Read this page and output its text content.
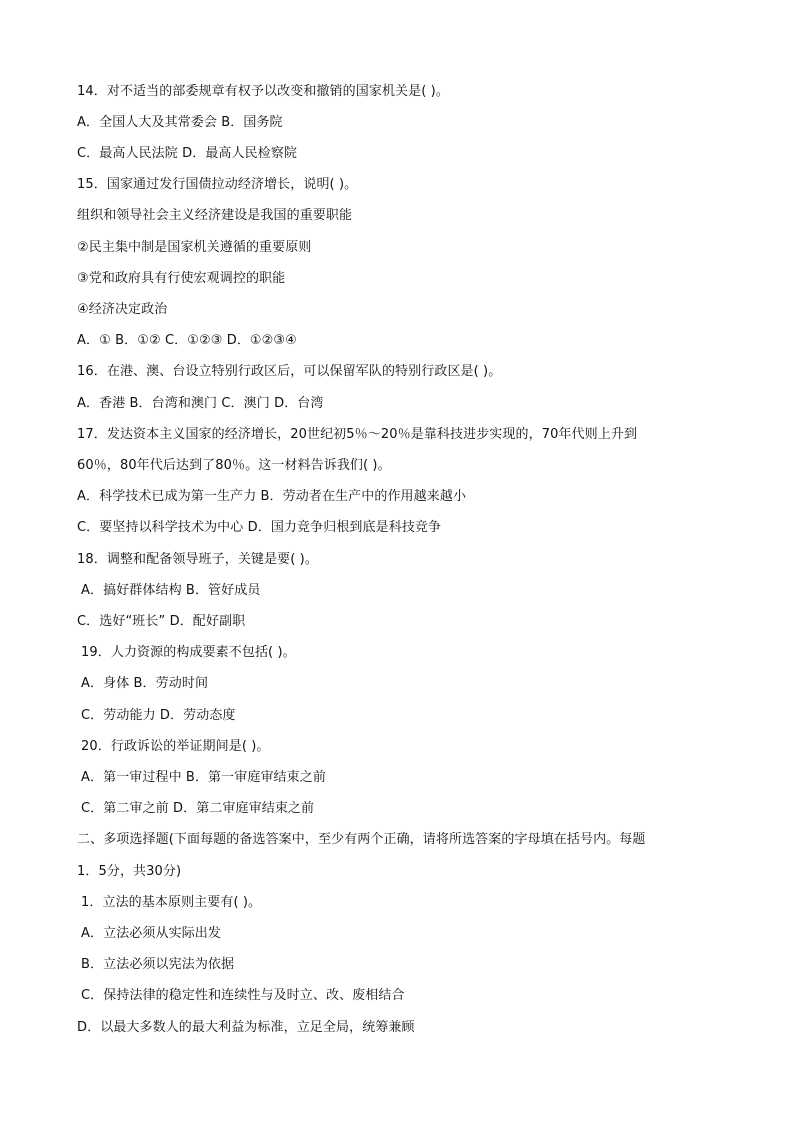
14．对不适当的部委规章有权予以改变和撤销的国家机关是( )。
A．全国人大及其常委会 B．国务院
C．最高人民法院 D．最高人民检察院
15．国家通过发行国债拉动经济增长，说明( )。
组织和领导社会主义经济建设是我国的重要职能
②民主集中制是国家机关遵循的重要原则
③党和政府具有行使宏观调控的职能
④经济决定政治
A．① B．①② C．①②③ D．①②③④
16．在港、澳、台设立特别行政区后，可以保留军队的特别行政区是( )。
A．香港 B．台湾和澳门 C．澳门 D．台湾
17．发达资本主义国家的经济增长，20世纪初5％～20％是靠科技进步实现的，70年代则上升到
60％，80年代后达到了80％。这一材料告诉我们( )。
A．科学技术已成为第一生产力 B．劳动者在生产中的作用越来越小
C．要坚持以科学技术为中心 D．国力竞争归根到底是科技竞争
18．调整和配备领导班子，关键是要( )。
A．搞好群体结构 B．管好成员
C．选好“班长” D．配好副职
19．人力资源的构成要素不包括( )。
A．身体 B．劳动时间
C．劳动能力 D．劳动态度
20．行政诉讼的举证期间是( )。
A．第一审过程中 B．第一审庭审结束之前
C．第二审之前 D．第二审庭审结束之前
二、多项选择题(下面每题的备选答案中，至少有两个正确，请将所选答案的字母填在括号内。每题
1．5分，共30分)
1．立法的基本原则主要有( )。
A．立法必须从实际出发
B．立法必须以宪法为依据
C．保持法律的稳定性和连续性与及时立、改、废相结合
D．以最大多数人的最大利益为标准，立足全局，统筹兼顾
